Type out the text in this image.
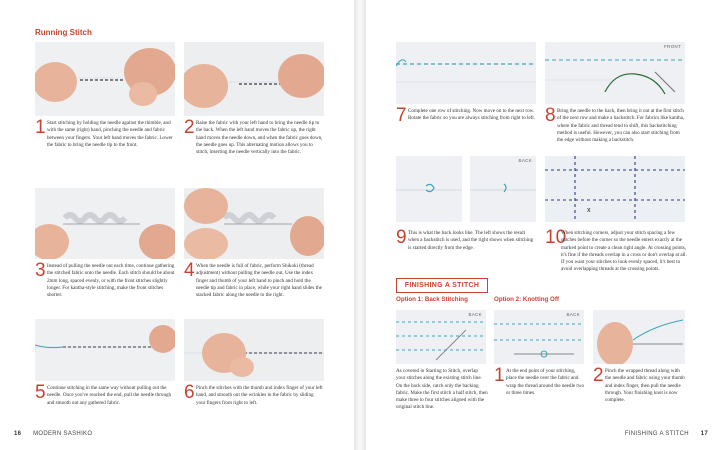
Running Stitch
1 Start stitching by holding the needle against the thimble, and with the same (right) hand, pinching the needle and fabric between your fingers. Your left hand moves the fabric. Lower the fabric to bring the needle tip to the front.
2 Raise the fabric with your left hand to bring the needle tip to the back. When the left hand moves the fabric up, the right hand moves the needle down, and when the fabric goes down, the needle goes up. This alternating motion allows you to stitch, inserting the needle vertically into the fabric.
3 Instead of pulling the needle out each time, continue gathering the stitched fabric onto the needle. Each stitch should be about 2mm long, spaced evenly, or with the front stitches slightly longer. For kantha-style stitching, make the front stitches shorter.
4 When the needle is full of fabric, perform Shikoki (thread adjustment) without pulling the needle out. Use the index finger and thumb of your left hand to pinch and hold the needle tip and fabric in place, while your right hand slides the stacked fabric along the needle to the right.
5 Continue stitching in the same way without pulling out the needle. Once you've reached the end, pull the needle through and smooth out any gathered fabric.	6 Pinch the stitches with the thumb and index finger of your left hand, and smooth out the wrinkles in the fabric by sliding your fingers from right to left.
16 MODERN SASHIKO
FRONT
7 Complete one row of stitching. Now move on to the next row. Rotate the fabric so you are always stitching from right to left. 8 Bring the needle to the back, then bring it out at the first stitch of the next row and make a backstitch. For fabrics like kantha, where the fabric and thread tend to shift, this backstitching method is useful. However, you can also start stitching from the edge without making a backstitch.
BACK
x
9 This is what the back looks like. The left shows the result when a backstitch is used, and the right shows when stitching is started directly from the edge.	10
When stitching corners, adjust your stitch spacing a few stitches before the corner so the needle enters exactly at the marked point to create a clean right angle. At crossing points, it's fine if the threads overlap in a cross or don't overlap at all. If you want your stitches to look evenly spaced, it's best to avoid overlapping threads at the crossing points.
FINISHING A STITCH
Option 1: Back Stitching	Option 2: Knotting Off
BACK	BACK
As covered in Starting to Stitch, overlap your stitches along the existing stitch line. On the back side, catch only the backing fabric. Make the first stitch a half stitch, then make three to four stitches aligned with the original stitch line.
1 At the end point of your stitching, place the needle over the fabric and wrap the thread around the needle two or three times.
2 Pinch the wrapped thread along with the needle and fabric using your thumb and index finger, then pull the needle through. Your finishing knot is now complete.
FINISHING A STITCH 17
